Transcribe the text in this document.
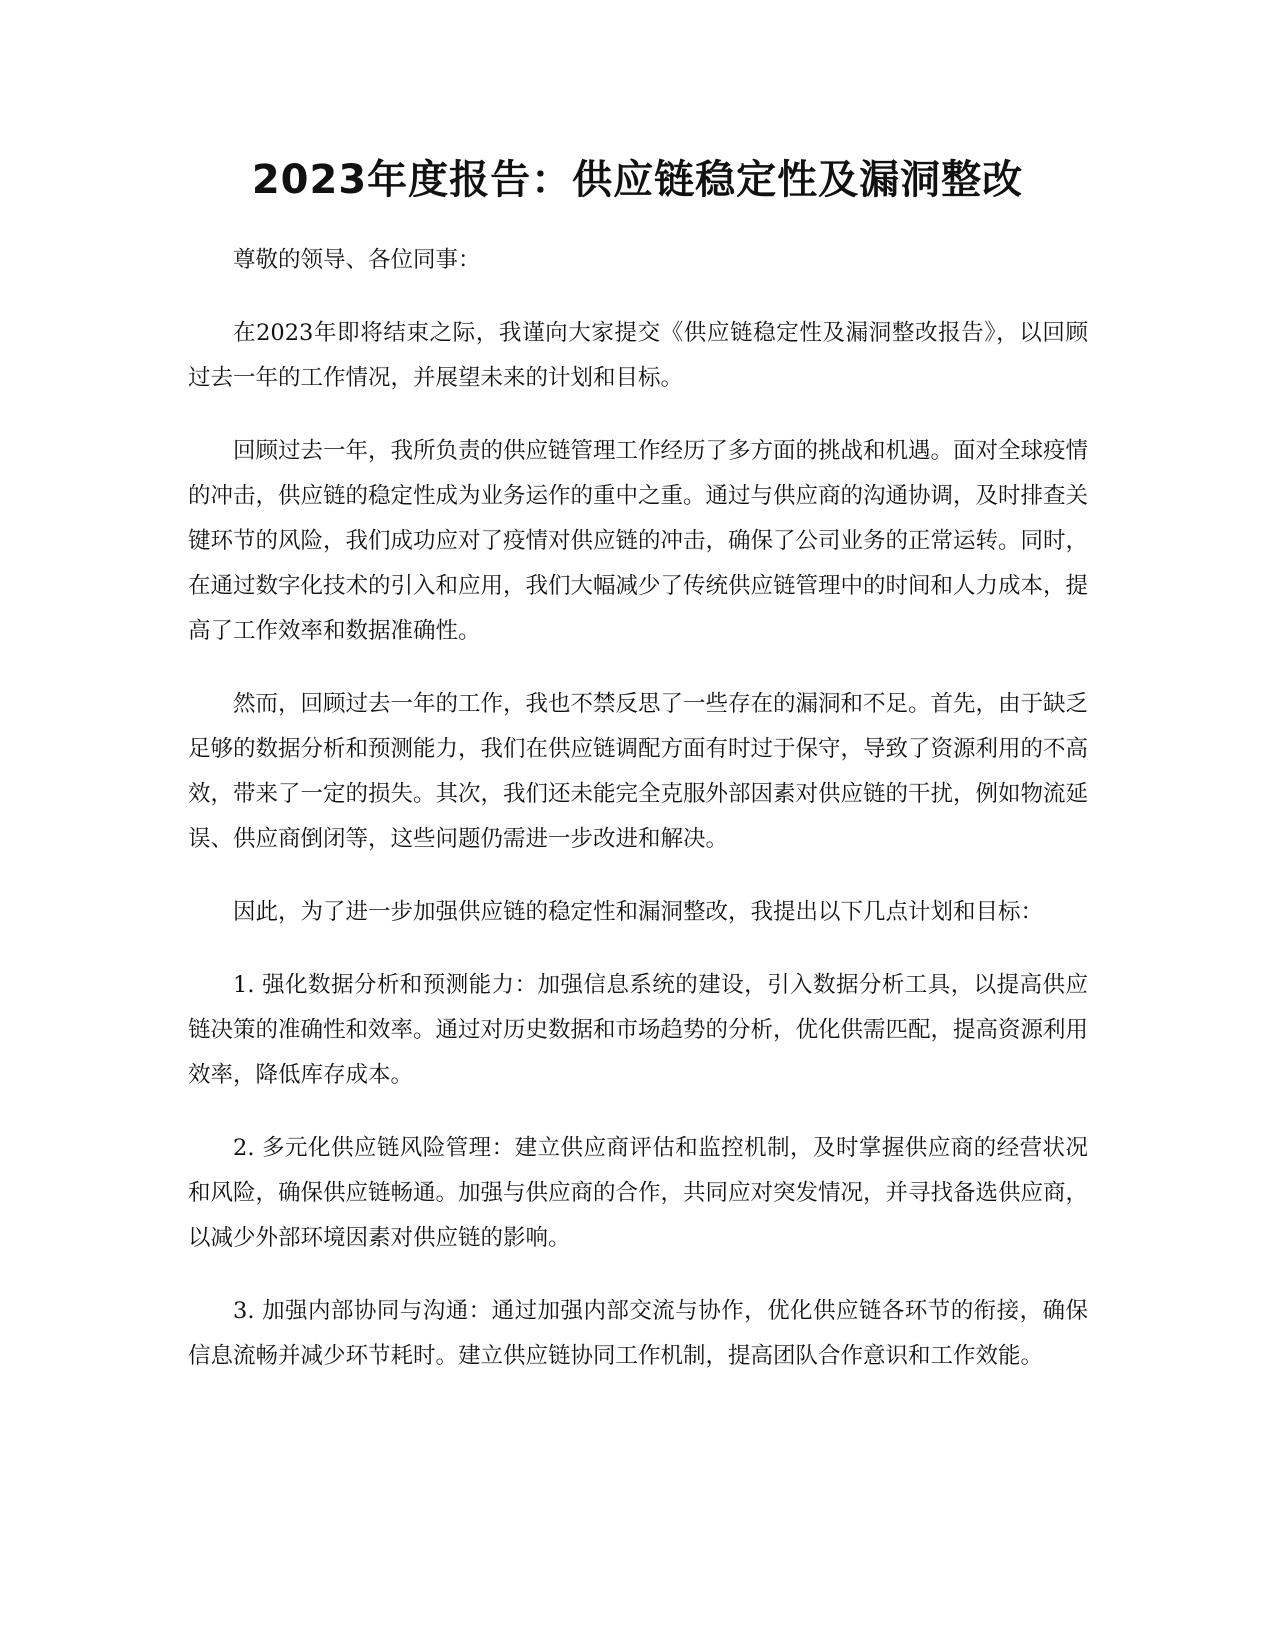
2023年度报告：供应链稳定性及漏洞整改

尊敬的领导、各位同事：

在2023年即将结束之际，我谨向大家提交《供应链稳定性及漏洞整改报告》，以回顾过去一年的工作情况，并展望未来的计划和目标。

回顾过去一年，我所负责的供应链管理工作经历了多方面的挑战和机遇。面对全球疫情的冲击，供应链的稳定性成为业务运作的重中之重。通过与供应商的沟通协调，及时排查关键环节的风险，我们成功应对了疫情对供应链的冲击，确保了公司业务的正常运转。同时，在通过数字化技术的引入和应用，我们大幅减少了传统供应链管理中的时间和人力成本，提高了工作效率和数据准确性。

然而，回顾过去一年的工作，我也不禁反思了一些存在的漏洞和不足。首先，由于缺乏足够的数据分析和预测能力，我们在供应链调配方面有时过于保守，导致了资源利用的不高效，带来了一定的损失。其次，我们还未能完全克服外部因素对供应链的干扰，例如物流延误、供应商倒闭等，这些问题仍需进一步改进和解决。

因此，为了进一步加强供应链的稳定性和漏洞整改，我提出以下几点计划和目标：

1. 强化数据分析和预测能力：加强信息系统的建设，引入数据分析工具，以提高供应链决策的准确性和效率。通过对历史数据和市场趋势的分析，优化供需匹配，提高资源利用效率，降低库存成本。

2. 多元化供应链风险管理：建立供应商评估和监控机制，及时掌握供应商的经营状况和风险，确保供应链畅通。加强与供应商的合作，共同应对突发情况，并寻找备选供应商，以减少外部环境因素对供应链的影响。

3. 加强内部协同与沟通：通过加强内部交流与协作，优化供应链各环节的衔接，确保信息流畅并减少环节耗时。建立供应链协同工作机制，提高团队合作意识和工作效能。
